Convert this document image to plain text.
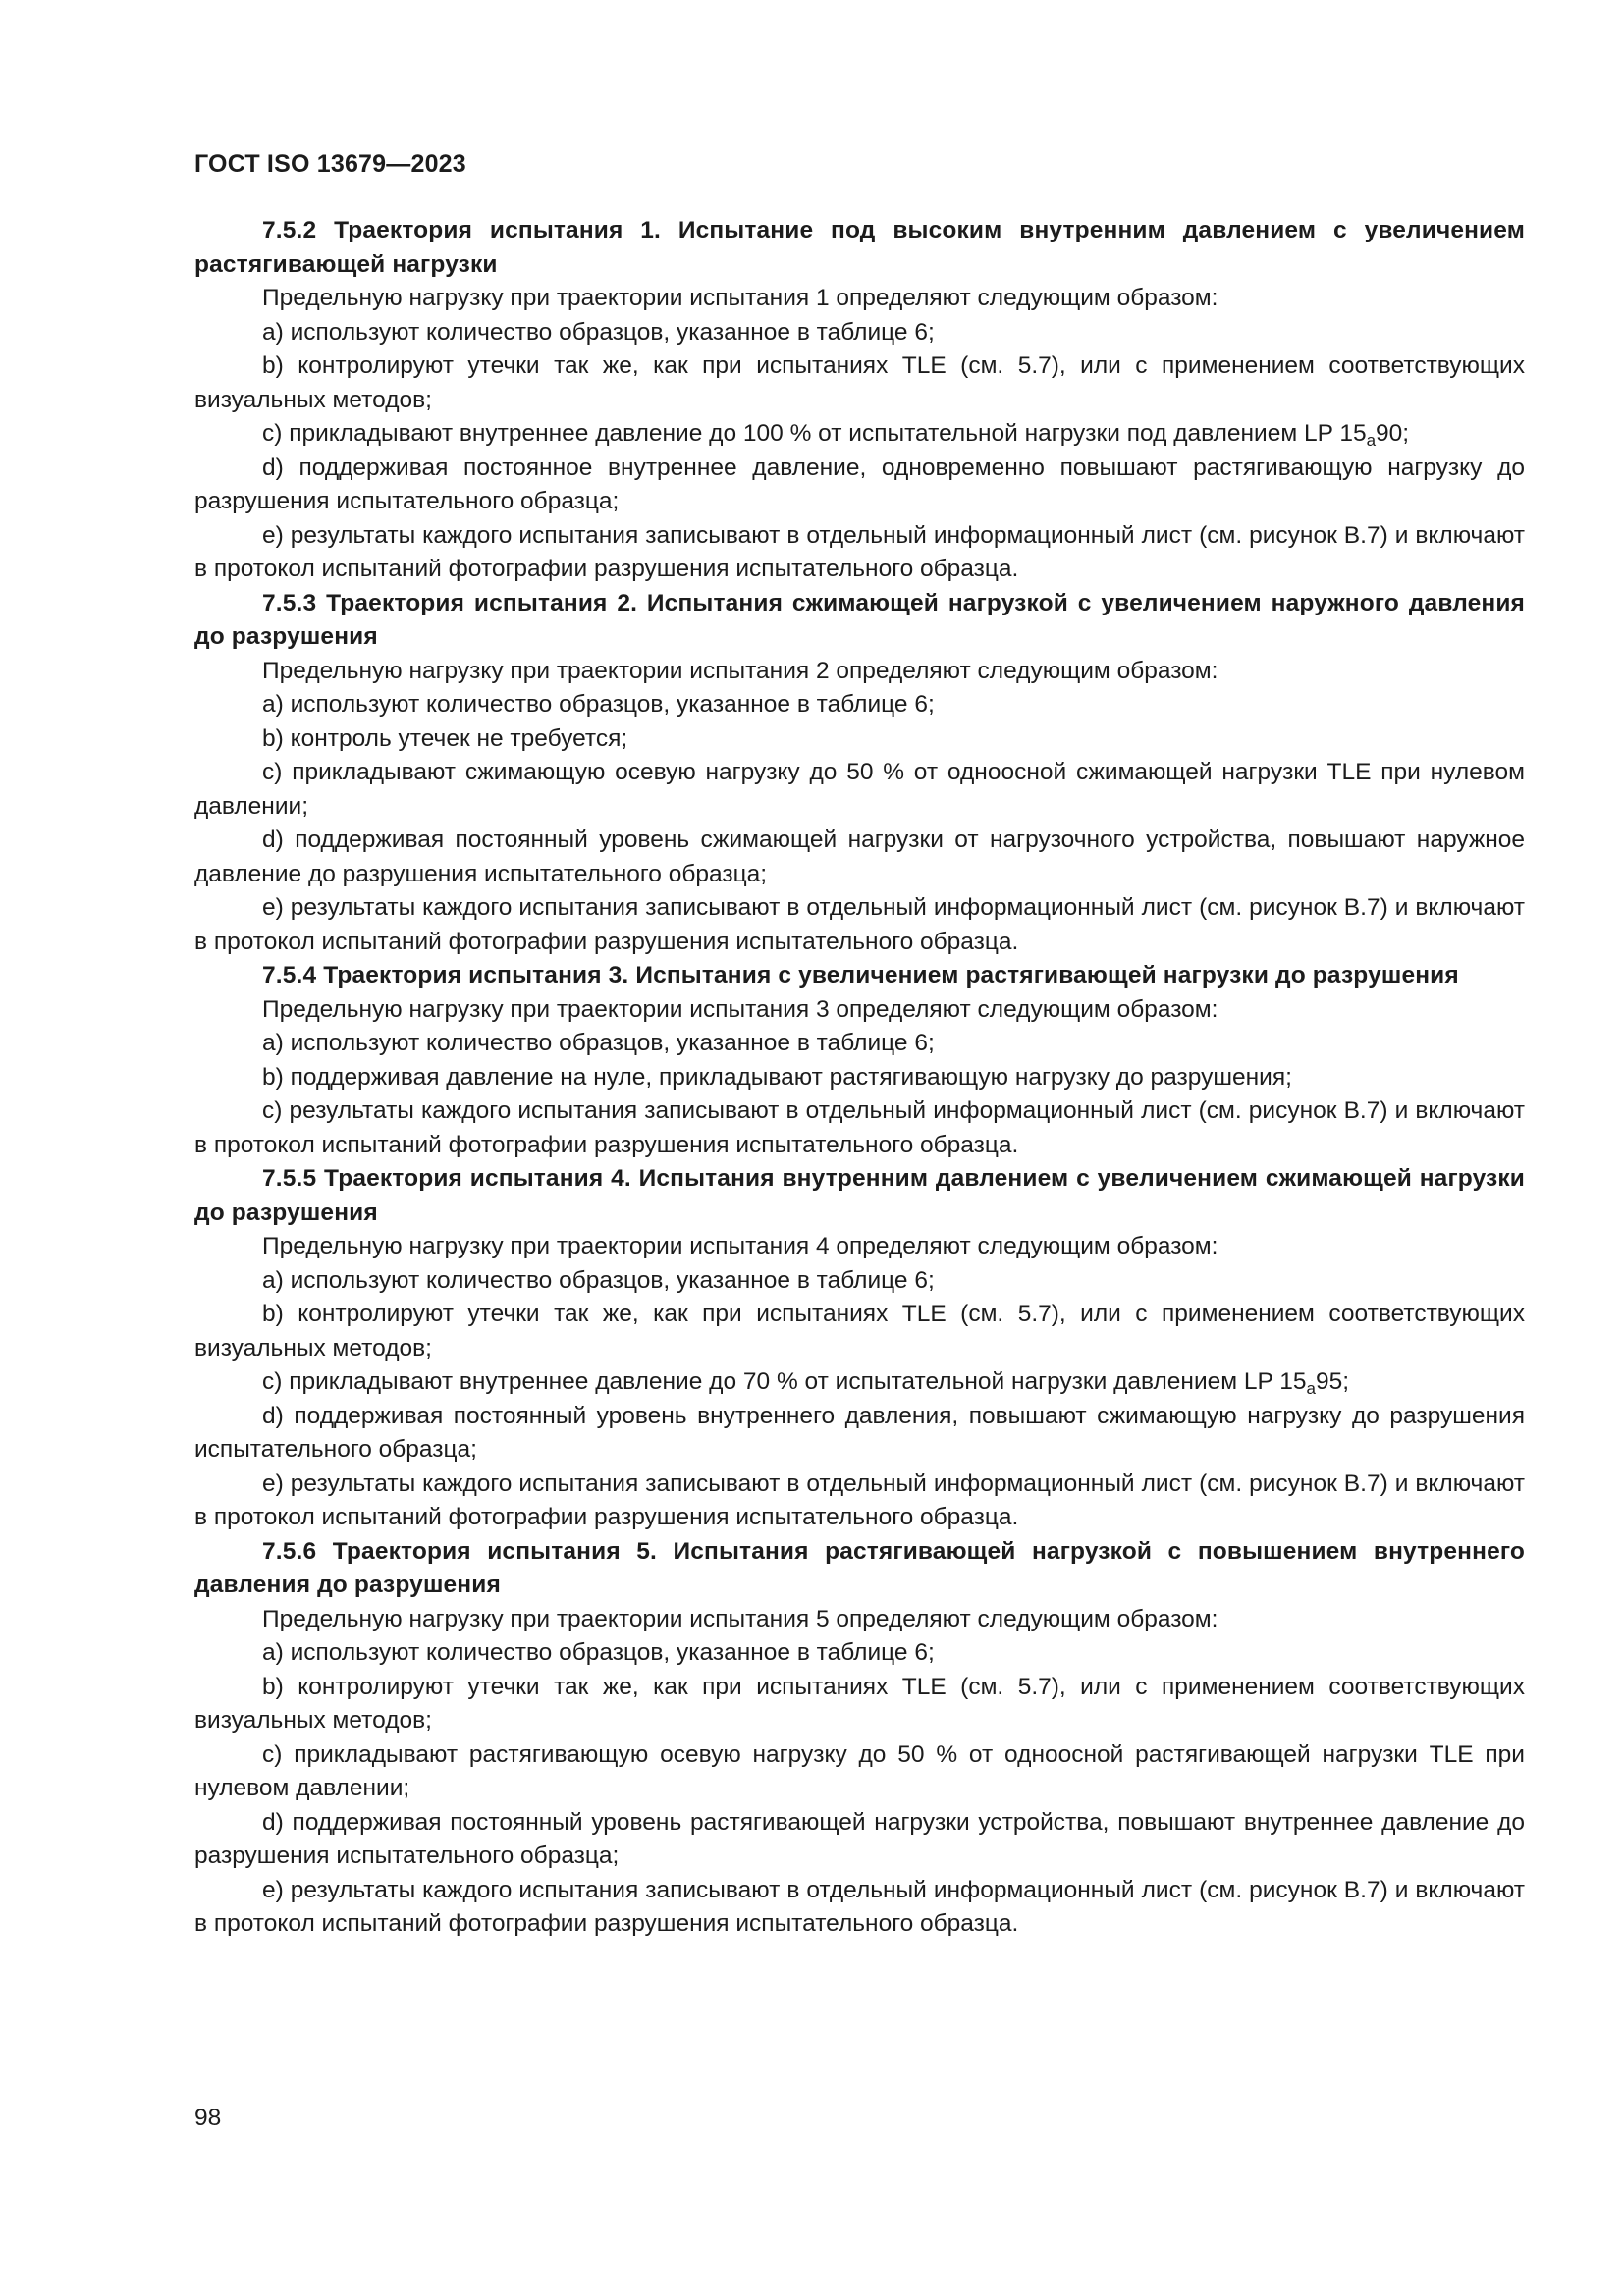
ГОСТ ISO 13679—2023

7.5.2 Траектория испытания 1. Испытание под высоким внутренним давлением с увеличением растягивающей нагрузки

Предельную нагрузку при траектории испытания 1 определяют следующим образом:

a) используют количество образцов, указанное в таблице 6;

b) контролируют утечки так же, как при испытаниях TLE (см. 5.7), или с применением соответствующих визуальных методов;

c) прикладывают внутреннее давление до 100 % от испытательной нагрузки под давлением LP $15_a90$;

d) поддерживая постоянное внутреннее давление, одновременно повышают растягивающую нагрузку до разрушения испытательного образца;

e) результаты каждого испытания записывают в отдельный информационный лист (см. рисунок В.7) и включают в протокол испытаний фотографии разрушения испытательного образца.

7.5.3 Траектория испытания 2. Испытания сжимающей нагрузкой с увеличением наружного давления до разрушения

Предельную нагрузку при траектории испытания 2 определяют следующим образом:

a) используют количество образцов, указанное в таблице 6;

b) контроль утечек не требуется;

c) прикладывают сжимающую осевую нагрузку до 50 % от одноосной сжимающей нагрузки TLE при нулевом давлении;

d) поддерживая постоянный уровень сжимающей нагрузки от нагрузочного устройства, повышают наружное давление до разрушения испытательного образца;

e) результаты каждого испытания записывают в отдельный информационный лист (см. рисунок В.7) и включают в протокол испытаний фотографии разрушения испытательного образца.

7.5.4 Траектория испытания 3. Испытания с увеличением растягивающей нагрузки до разрушения

Предельную нагрузку при траектории испытания 3 определяют следующим образом:

a) используют количество образцов, указанное в таблице 6;

b) поддерживая давление на нуле, прикладывают растягивающую нагрузку до разрушения;

c) результаты каждого испытания записывают в отдельный информационный лист (см. рисунок В.7) и включают в протокол испытаний фотографии разрушения испытательного образца.

7.5.5 Траектория испытания 4. Испытания внутренним давлением с увеличением сжимающей нагрузки до разрушения

Предельную нагрузку при траектории испытания 4 определяют следующим образом:

a) используют количество образцов, указанное в таблице 6;

b) контролируют утечки так же, как при испытаниях TLE (см. 5.7), или с применением соответствующих визуальных методов;

c) прикладывают внутреннее давление до 70 % от испытательной нагрузки давлением LP $15_a95$;

d) поддерживая постоянный уровень внутреннего давления, повышают сжимающую нагрузку до разрушения испытательного образца;

e) результаты каждого испытания записывают в отдельный информационный лист (см. рисунок В.7) и включают в протокол испытаний фотографии разрушения испытательного образца.

7.5.6 Траектория испытания 5. Испытания растягивающей нагрузкой с повышением внутреннего давления до разрушения

Предельную нагрузку при траектории испытания 5 определяют следующим образом:

a) используют количество образцов, указанное в таблице 6;

b) контролируют утечки так же, как при испытаниях TLE (см. 5.7), или с применением соответствующих визуальных методов;

c) прикладывают растягивающую осевую нагрузку до 50 % от одноосной растягивающей нагрузки TLE при нулевом давлении;

d) поддерживая постоянный уровень растягивающей нагрузки устройства, повышают внутреннее давление до разрушения испытательного образца;

e) результаты каждого испытания записывают в отдельный информационный лист (см. рисунок В.7) и включают в протокол испытаний фотографии разрушения испытательного образца.

98
